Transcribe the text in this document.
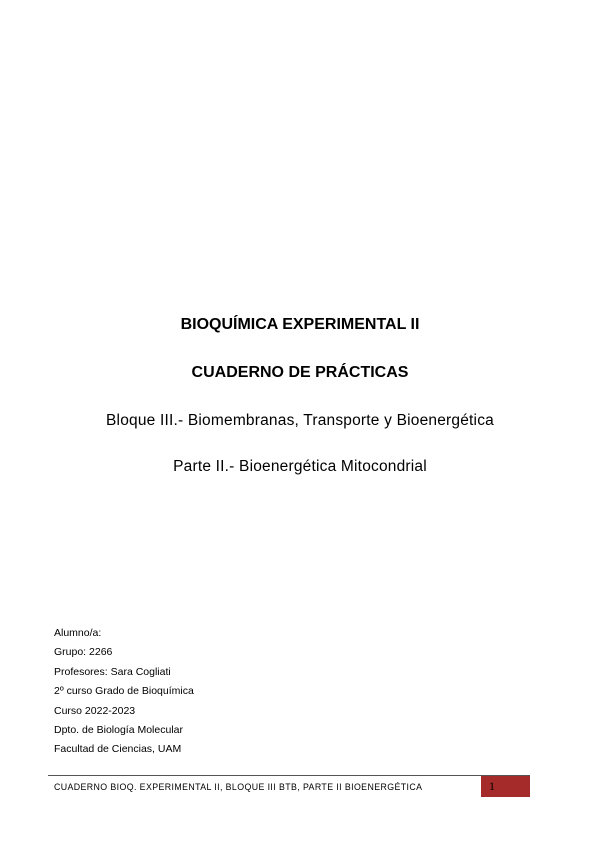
BIOQUÍMICA EXPERIMENTAL II
CUADERNO DE PRÁCTICAS
Bloque III.- Biomembranas, Transporte y Bioenergética
Parte II.- Bioenergética Mitocondrial
Alumno/a:
Grupo: 2266
Profesores: Sara Cogliati
2º curso Grado de Bioquímica
Curso 2022-2023
Dpto. de Biología Molecular
Facultad de Ciencias, UAM
CUADERNO BIOQ. EXPERIMENTAL II, BLOQUE III BTB, PARTE II BIOENERGÉTICA	1
